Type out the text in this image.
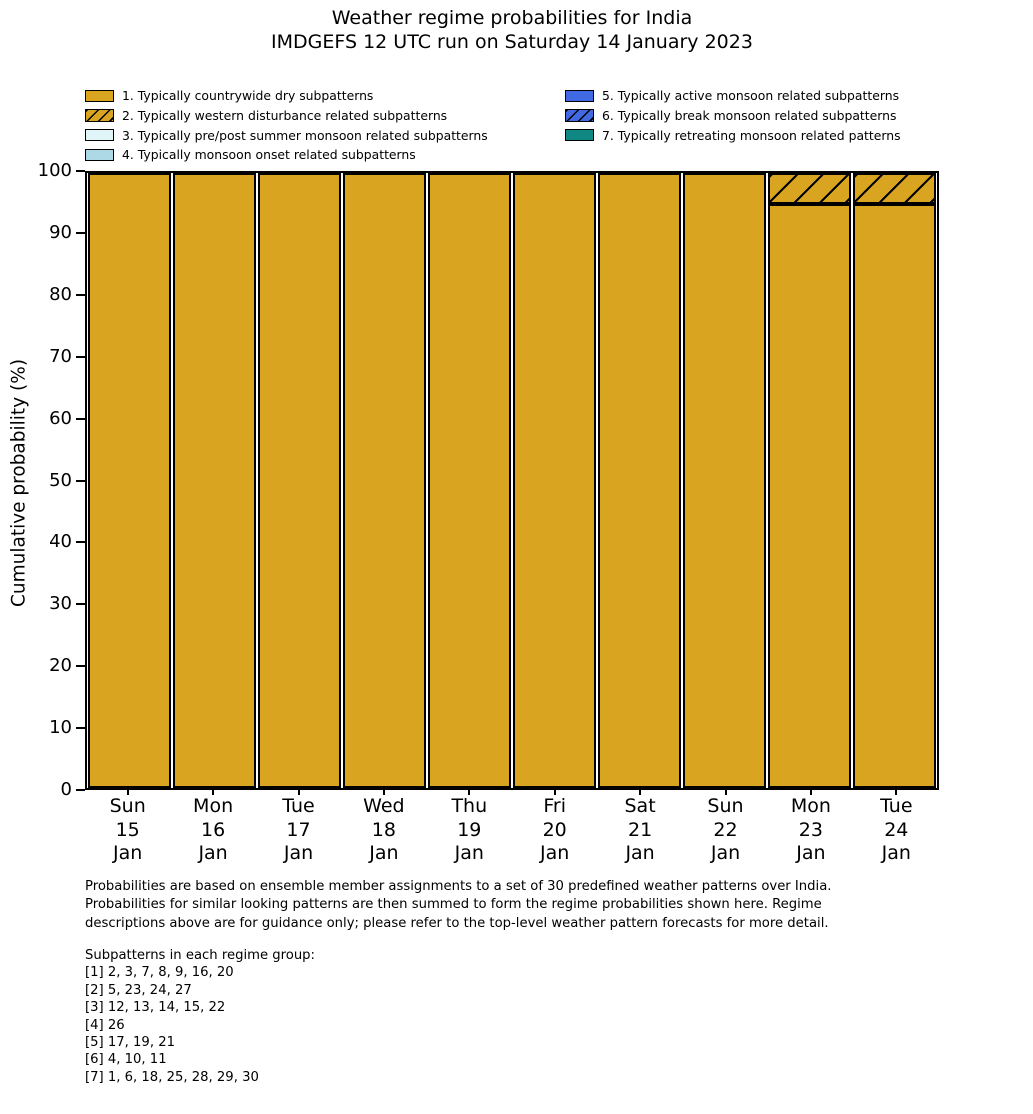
Weather regime probabilities for India
IMDGEFS 12 UTC run on Saturday 14 January 2023
1. Typically countrywide dry subpatterns
2. Typically western disturbance related subpatterns
3. Typically pre/post summer monsoon related subpatterns
4. Typically monsoon onset related subpatterns
5. Typically active monsoon related subpatterns
6. Typically break monsoon related subpatterns
7. Typically retreating monsoon related patterns
Cumulative probability (%)
0
10
20
30
40
50
60
70
80
90
100
Sun
15
Jan
Mon
16
Jan
Tue
17
Jan
Wed
18
Jan
Thu
19
Jan
Fri
20
Jan
Sat
21
Jan
Sun
22
Jan
Mon
23
Jan
Tue
24
Jan
Probabilities are based on ensemble member assignments to a set of 30 predefined weather patterns over India.
Probabilities for similar looking patterns are then summed to form the regime probabilities shown here. Regime
descriptions above are for guidance only; please refer to the top-level weather pattern forecasts for more detail.
Subpatterns in each regime group:
[1] 2, 3, 7, 8, 9, 16, 20
[2] 5, 23, 24, 27
[3] 12, 13, 14, 15, 22
[4] 26
[5] 17, 19, 21
[6] 4, 10, 11
[7] 1, 6, 18, 25, 28, 29, 30
